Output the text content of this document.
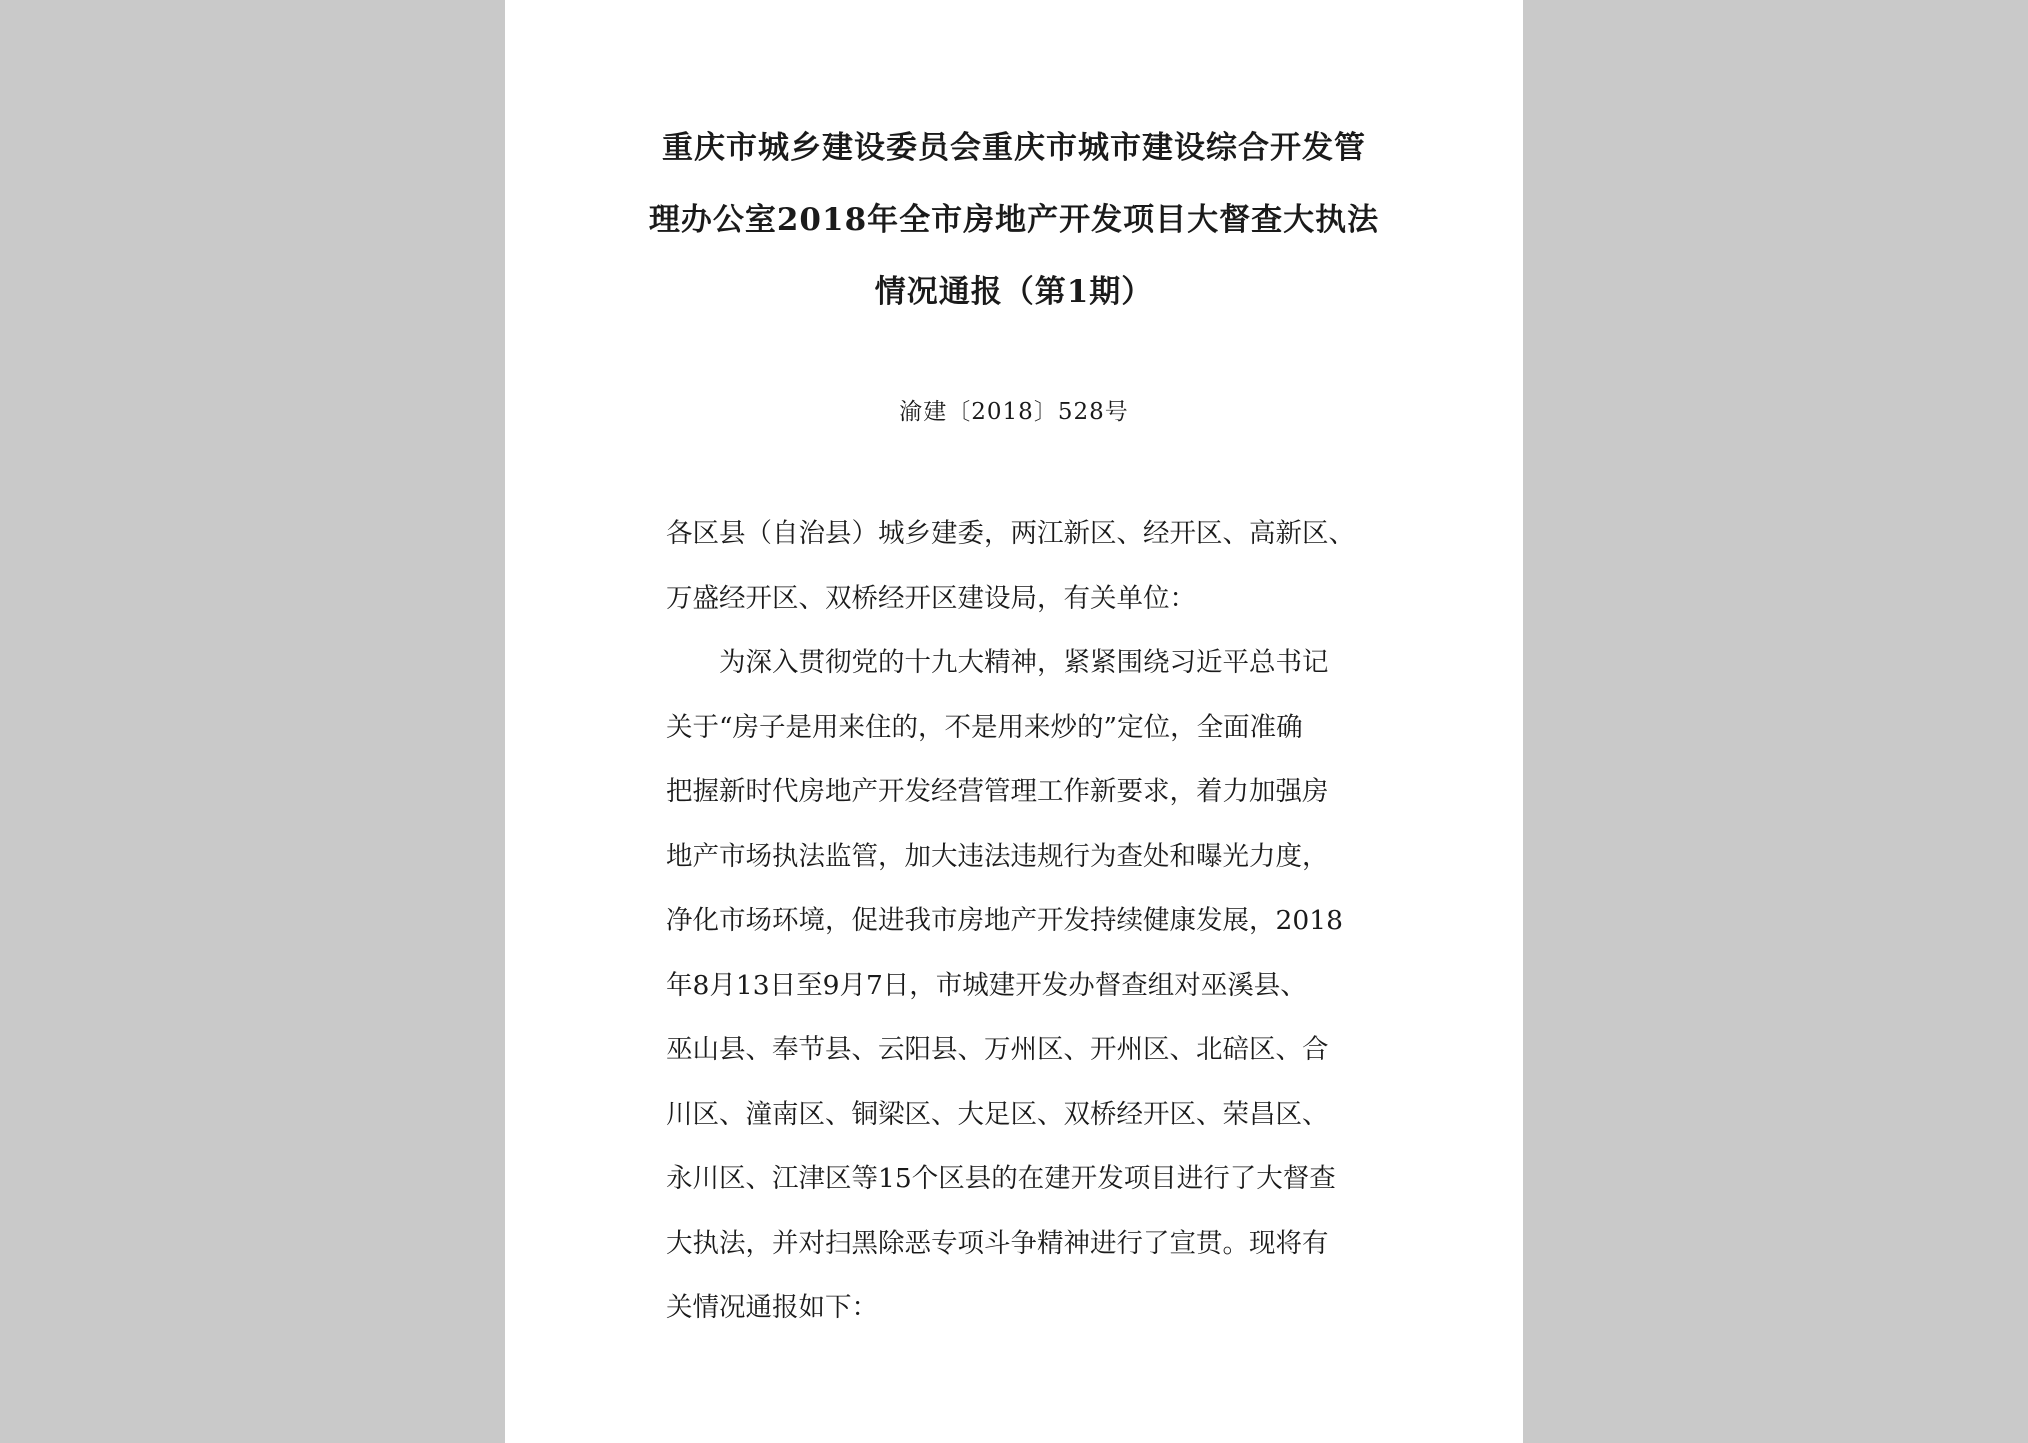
重庆市城乡建设委员会重庆市城市建设综合开发管
理办公室2018年全市房地产开发项目大督查大执法
情况通报（第1期）
渝建〔2018〕528号
各区县（自治县）城乡建委，两江新区、经开区、高新区、
万盛经开区、双桥经开区建设局，有关单位：
为深入贯彻党的十九大精神，紧紧围绕习近平总书记
关于“房子是用来住的，不是用来炒的”定位，全面准确
把握新时代房地产开发经营管理工作新要求，着力加强房
地产市场执法监管，加大违法违规行为查处和曝光力度，
净化市场环境，促进我市房地产开发持续健康发展，2018
年8月13日至9月7日，市城建开发办督查组对巫溪县、
巫山县、奉节县、云阳县、万州区、开州区、北碚区、合
川区、潼南区、铜梁区、大足区、双桥经开区、荣昌区、
永川区、江津区等15个区县的在建开发项目进行了大督查
大执法，并对扫黑除恶专项斗争精神进行了宣贯。现将有
关情况通报如下：
